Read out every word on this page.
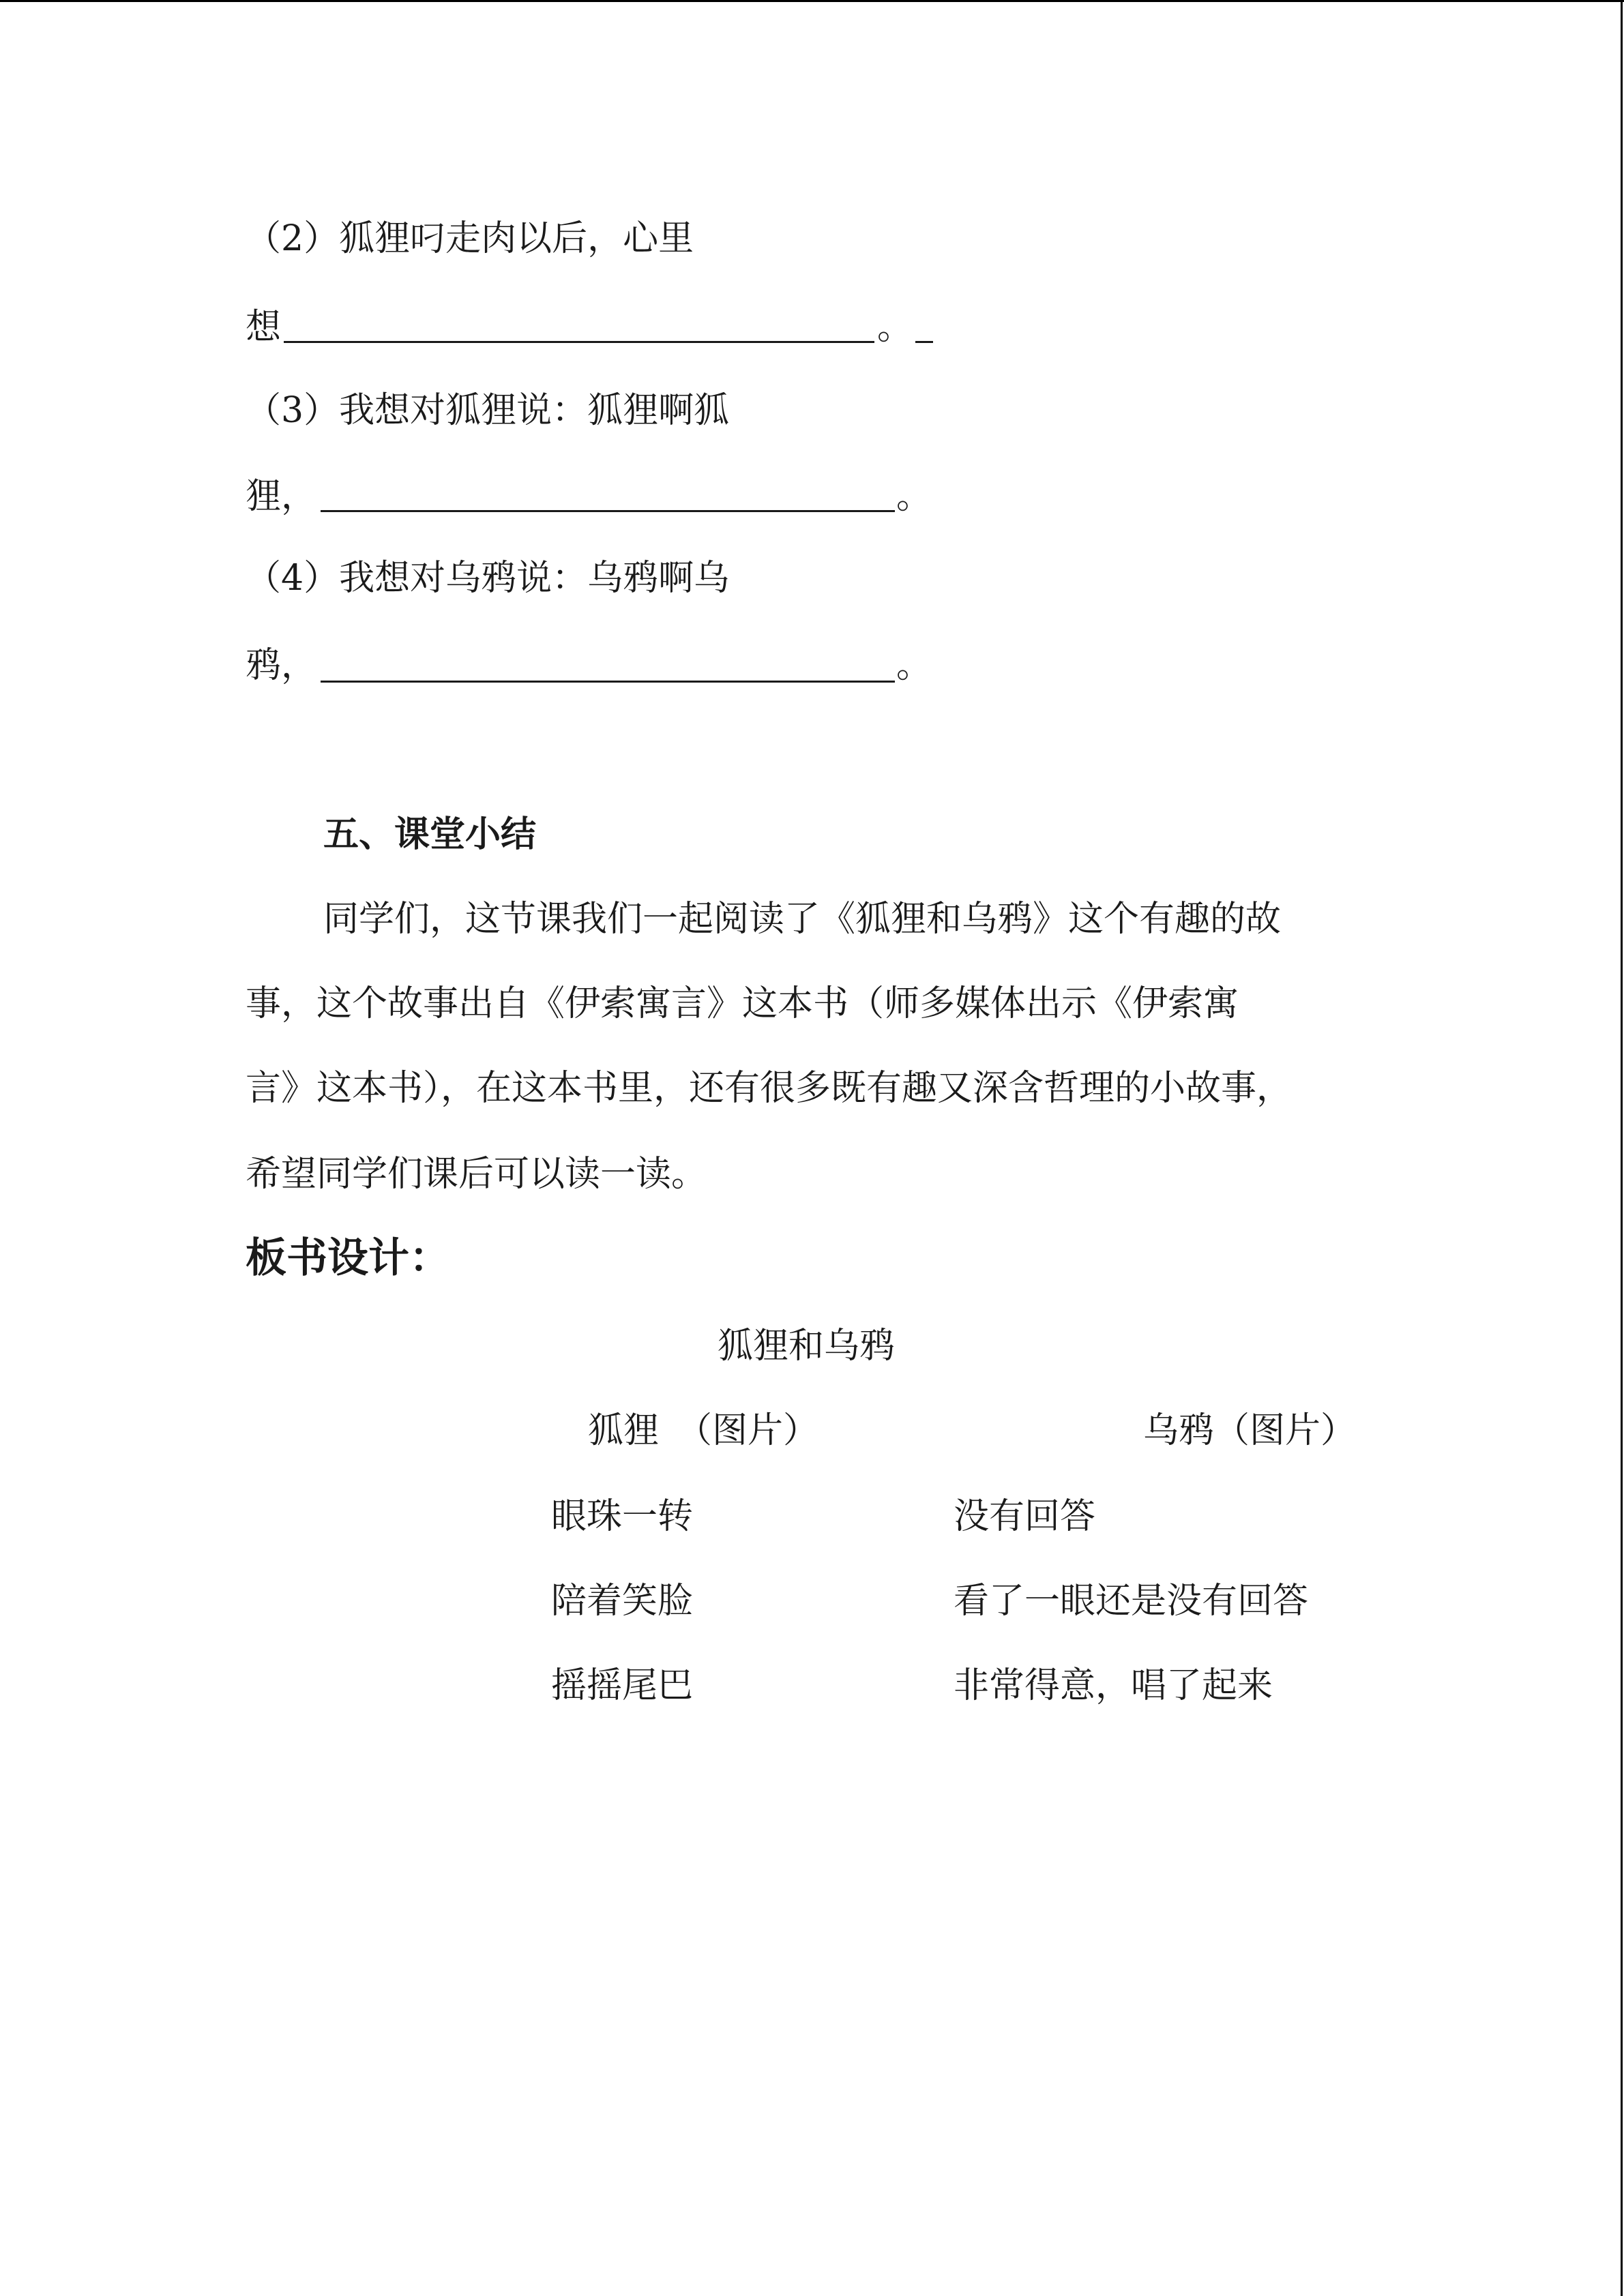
（2）狐狸叼走肉以后，心里
想	。
（3）我想对狐狸说：狐狸啊狐
狸，	。
（4）我想对乌鸦说：乌鸦啊乌
鸦，	。
五、课堂小结
同学们，这节课我们一起阅读了《狐狸和乌鸦》这个有趣的故
事，这个故事出自《伊索寓言》这本书（师多媒体出示《伊索寓
言》这本书），在这本书里，还有很多既有趣又深含哲理的小故事，
希望同学们课后可以读一读。
板书设计：
狐狸和乌鸦
狐狸　（图片）	乌鸦（图片）
眼珠一转	没有回答
陪着笑脸	看了一眼还是没有回答
摇摇尾巴	非常得意，唱了起来
